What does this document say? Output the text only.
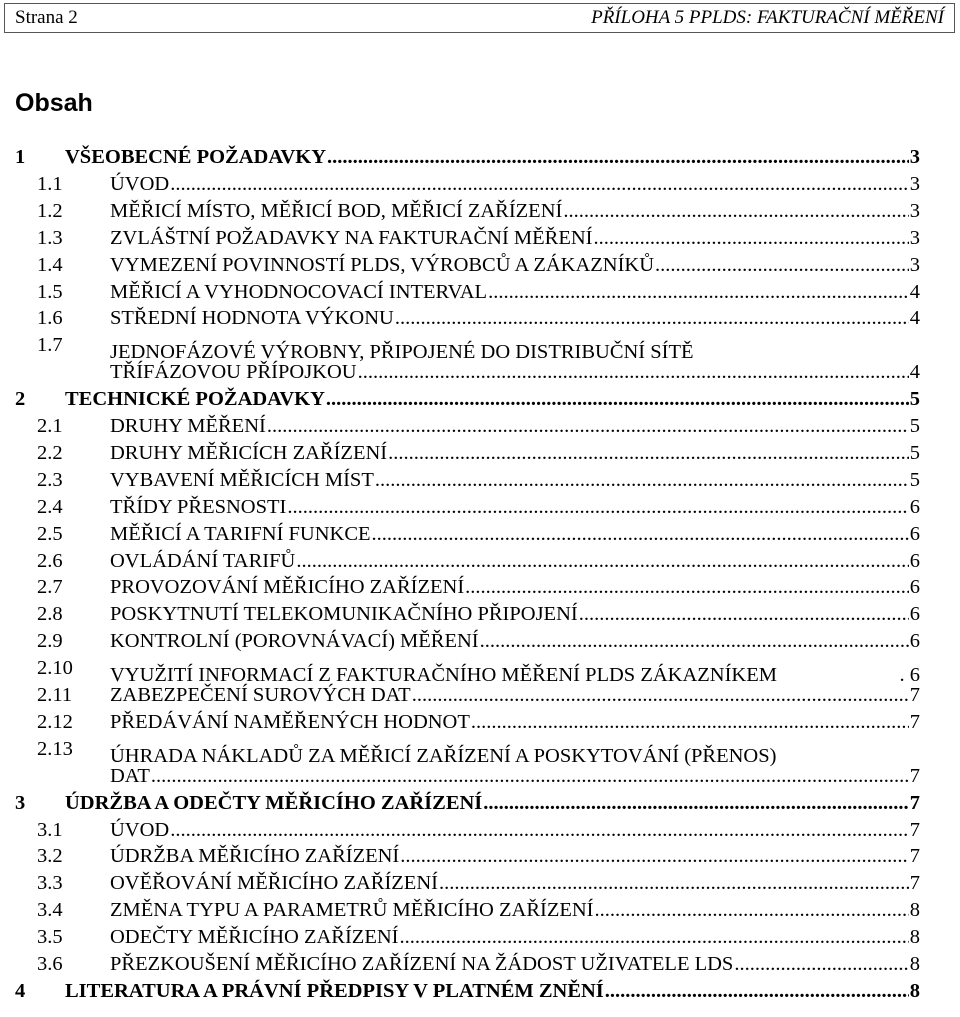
Strana 2	PŘÍLOHA 5 PPLDS: FAKTURAČNÍ MĚŘENÍ
Obsah
1 VŠEOBECNÉ POŽADAVKY .....	3
1.1 ÚVOD .....	3
1.2 MĚŘICÍ MÍSTO, MĚŘICÍ BOD, MĚŘICÍ ZAŘÍZENÍ .....	3
1.3 ZVLÁŠTNÍ POŽADAVKY NA FAKTURAČNÍ MĚŘENÍ .....	3
1.4 VYMEZENÍ POVINNOSTÍ PLDS, VÝROBCŮ A ZÁKAZNÍKŮ .....	3
1.5 MĚŘICÍ A VYHODNOCOVACÍ INTERVAL .....	4
1.6 STŘEDNÍ HODNOTA VÝKONU .....	4
1.7 JEDNOFÁZOVÉ VÝROBNY, PŘIPOJENÉ DO DISTRIBUČNÍ SÍTĚ
TŘÍFÁZOVOU PŘÍPOJKOU .....	4
2 TECHNICKÉ POŽADAVKY .....	5
2.1 DRUHY MĚŘENÍ .....	5
2.2 DRUHY MĚŘICÍCH ZAŘÍZENÍ .....	5
2.3 VYBAVENÍ MĚŘICÍCH MÍST .....	5
2.4 TŘÍDY PŘESNOSTI .....	6
2.5 MĚŘICÍ A TARIFNÍ FUNKCE .....	6
2.6 OVLÁDÁNÍ TARIFŮ .....	6
2.7 PROVOZOVÁNÍ MĚŘICÍHO ZAŘÍZENÍ .....	6
2.8 POSKYTNUTÍ TELEKOMUNIKAČNÍHO PŘIPOJENÍ .....	6
2.9 KONTROLNÍ (POROVNÁVACÍ) MĚŘENÍ .....	6
2.10 VYUŽITÍ INFORMACÍ Z FAKTURAČNÍHO MĚŘENÍ PLDS ZÁKAZNÍKEM	. 6
2.11 ZABEZPEČENÍ SUROVÝCH DAT .....	7
2.12 PŘEDÁVÁNÍ NAMĚŘENÝCH HODNOT .....	7
2.13 ÚHRADA NÁKLADŮ ZA MĚŘICÍ ZAŘÍZENÍ A POSKYTOVÁNÍ (PŘENOS)
DAT .....	7
3 ÚDRŽBA A ODEČTY MĚŘICÍHO ZAŘÍZENÍ .....	7
3.1 ÚVOD .....	7
3.2 ÚDRŽBA MĚŘICÍHO ZAŘÍZENÍ .....	7
3.3 OVĚŘOVÁNÍ MĚŘICÍHO ZAŘÍZENÍ .....	7
3.4 ZMĚNA TYPU A PARAMETRŮ MĚŘICÍHO ZAŘÍZENÍ .....	8
3.5 ODEČTY MĚŘICÍHO ZAŘÍZENÍ .....	8
3.6 PŘEZKOUŠENÍ MĚŘICÍHO ZAŘÍZENÍ NA ŽÁDOST UŽIVATELE LDS .....	8
4 LITERATURA A PRÁVNÍ PŘEDPISY V PLATNÉM ZNĚNÍ .....	8
